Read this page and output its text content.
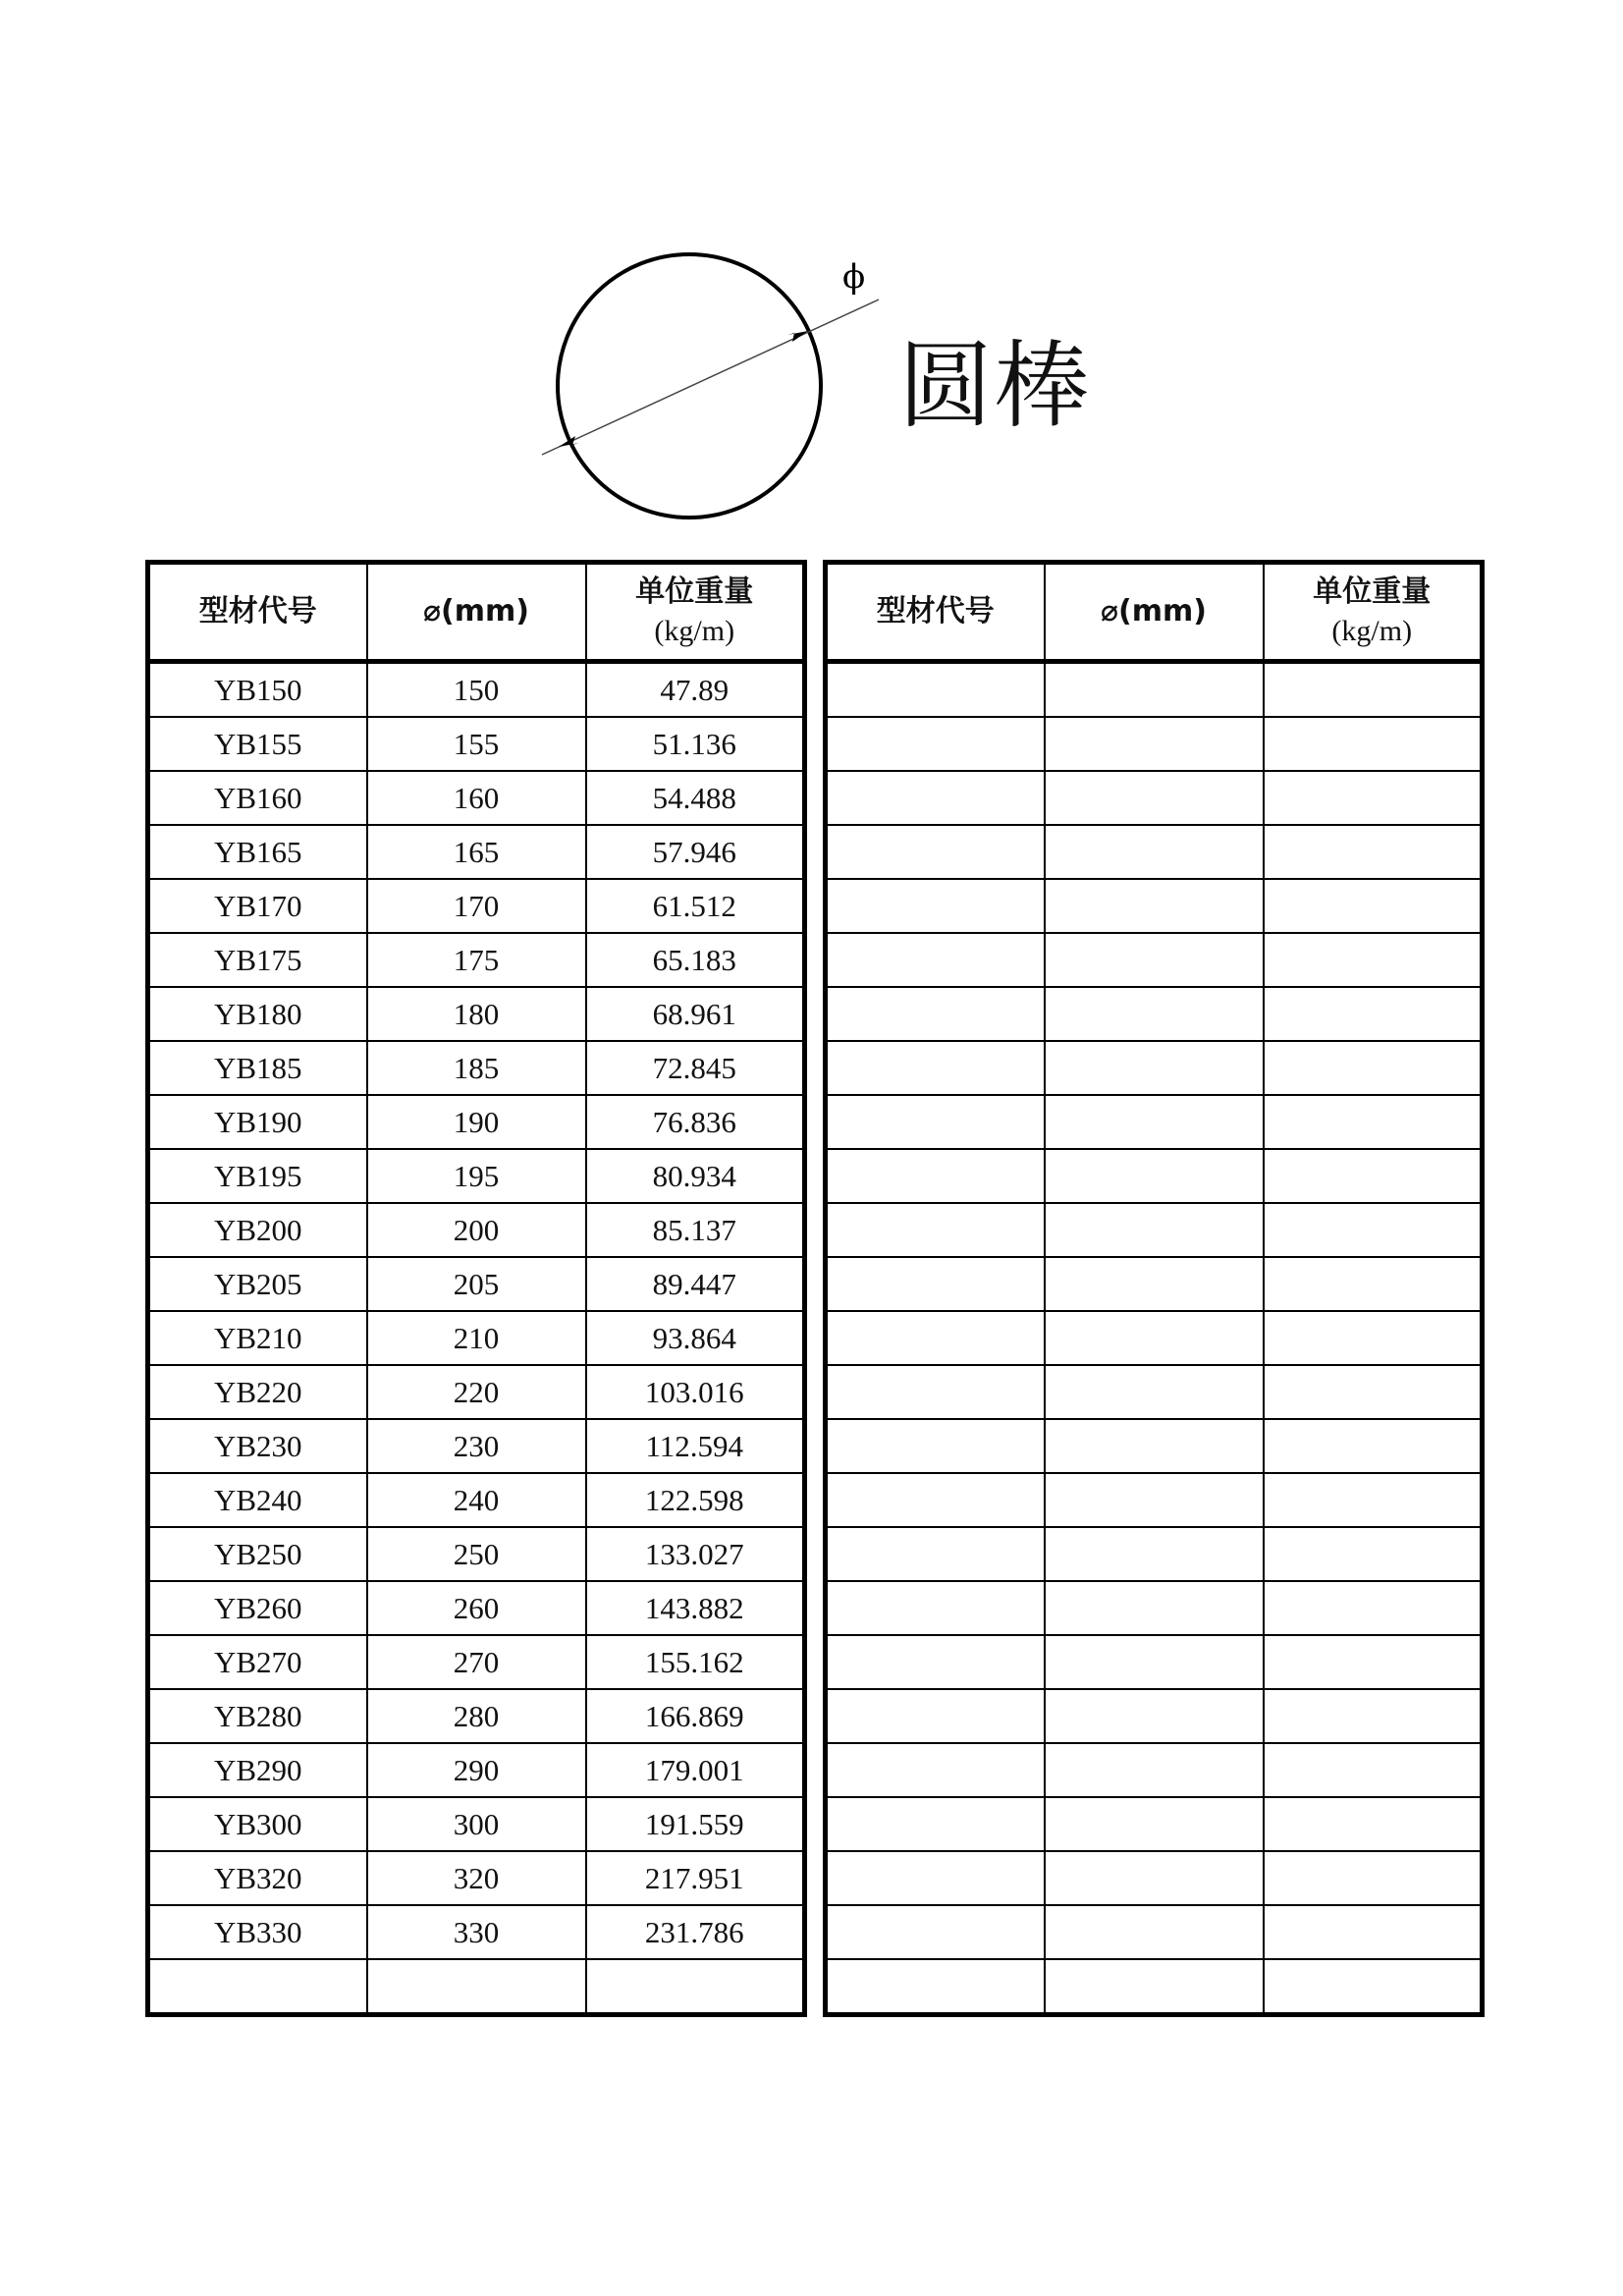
ϕ
圆棒
型材代号	⌀(mm)	单位重量
(kg/m)

YB150	150	47.89
YB155	155	51.136
YB160	160	54.488
YB165	165	57.946
YB170	170	61.512
YB175	175	65.183
YB180	180	68.961
YB185	185	72.845
YB190	190	76.836
YB195	195	80.934
YB200	200	85.137
YB205	205	89.447
YB210	210	93.864
YB220	220	103.016
YB230	230	112.594
YB240	240	122.598
YB250	250	133.027
YB260	260	143.882
YB270	270	155.162
YB280	280	166.869
YB290	290	179.001
YB300	300	191.559
YB320	320	217.951
YB330	330	231.786

型材代号	⌀(mm)	单位重量
(kg/m)
